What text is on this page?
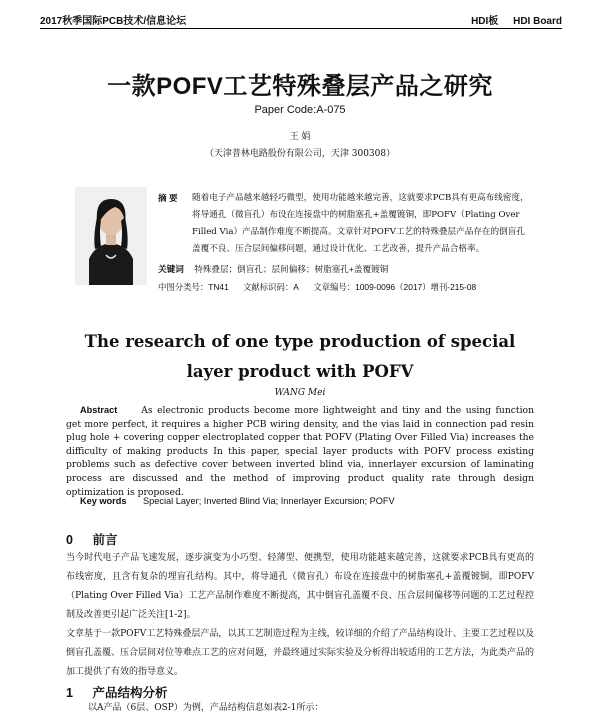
2017秋季国际PCB技术/信息论坛	HDI板 HDI Board
一款POFV工艺特殊叠层产品之研究
Paper Code:A-075
王 娟
（天津普林电路股份有限公司，天津 300308）
摘 要	随着电子产品越来越轻巧微型，使用功能越来越完善，这就要求PCB具有更高布线密度，将导通孔（微盲孔）布设在连接盘中的树脂塞孔+盖覆镀铜，即POFV（Plating Over Filled Via）产品制作难度不断提高。文章针对POFV工艺的特殊叠层产品存在的倒盲孔盖覆不良、压合层间偏移问题，通过设计优化、工艺改善，提升产品合格率。
关键词 特殊叠层；倒盲孔；层间偏移；树脂塞孔+盖覆镀铜
中图分类号：TN41 文献标识码：A 文章编号：1009-0096（2017）增刊-215-08
The research of one type production of special layer product with POFV
WANG Mei
Abstract	As electronic products become more lightweight and tiny and the using function get more perfect, it requires a higher PCB wiring density, and the vias laid in connection pad resin plug hole + covering copper electroplated copper that POFV (Plating Over Filled Via) increases the difficulty of making products In this paper, special layer products with POFV process existing problems such as defective cover between inverted blind via, innerlayer excursion of laminating process are discussed and the method of improving product quality rate through design optimization is proposed.
Key words Special Layer; Inverted Blind Via; Innerlayer Excursion; POFV
0 前言
当今时代电子产品飞速发展，逐步演变为小巧型、轻薄型、便携型，使用功能越来越完善，这就要求PCB具有更高的布线密度，且含有复杂的埋盲孔结构。其中，将导通孔（微盲孔）布设在连接盘中的树脂塞孔+盖覆镀铜，即POFV（Plating Over Filled Via）工艺产品制作难度不断提高，其中倒盲孔盖覆不良、压合层间偏移等问题的工艺过程控制及改善更引起广泛关注[1-2]。
文章基于一款POFV工艺特殊叠层产品，以其工艺制造过程为主线，较详细的介绍了产品结构设计、主要工艺过程以及倒盲孔盖覆、压合层间对位等难点工艺的应对问题，并最终通过实际实验及分析得出较适用的工艺方法，为此类产品的加工提供了有效的指导意义。
1 产品结构分析
以A产品（6层、OSP）为例，产品结构信息如表2-1所示：
